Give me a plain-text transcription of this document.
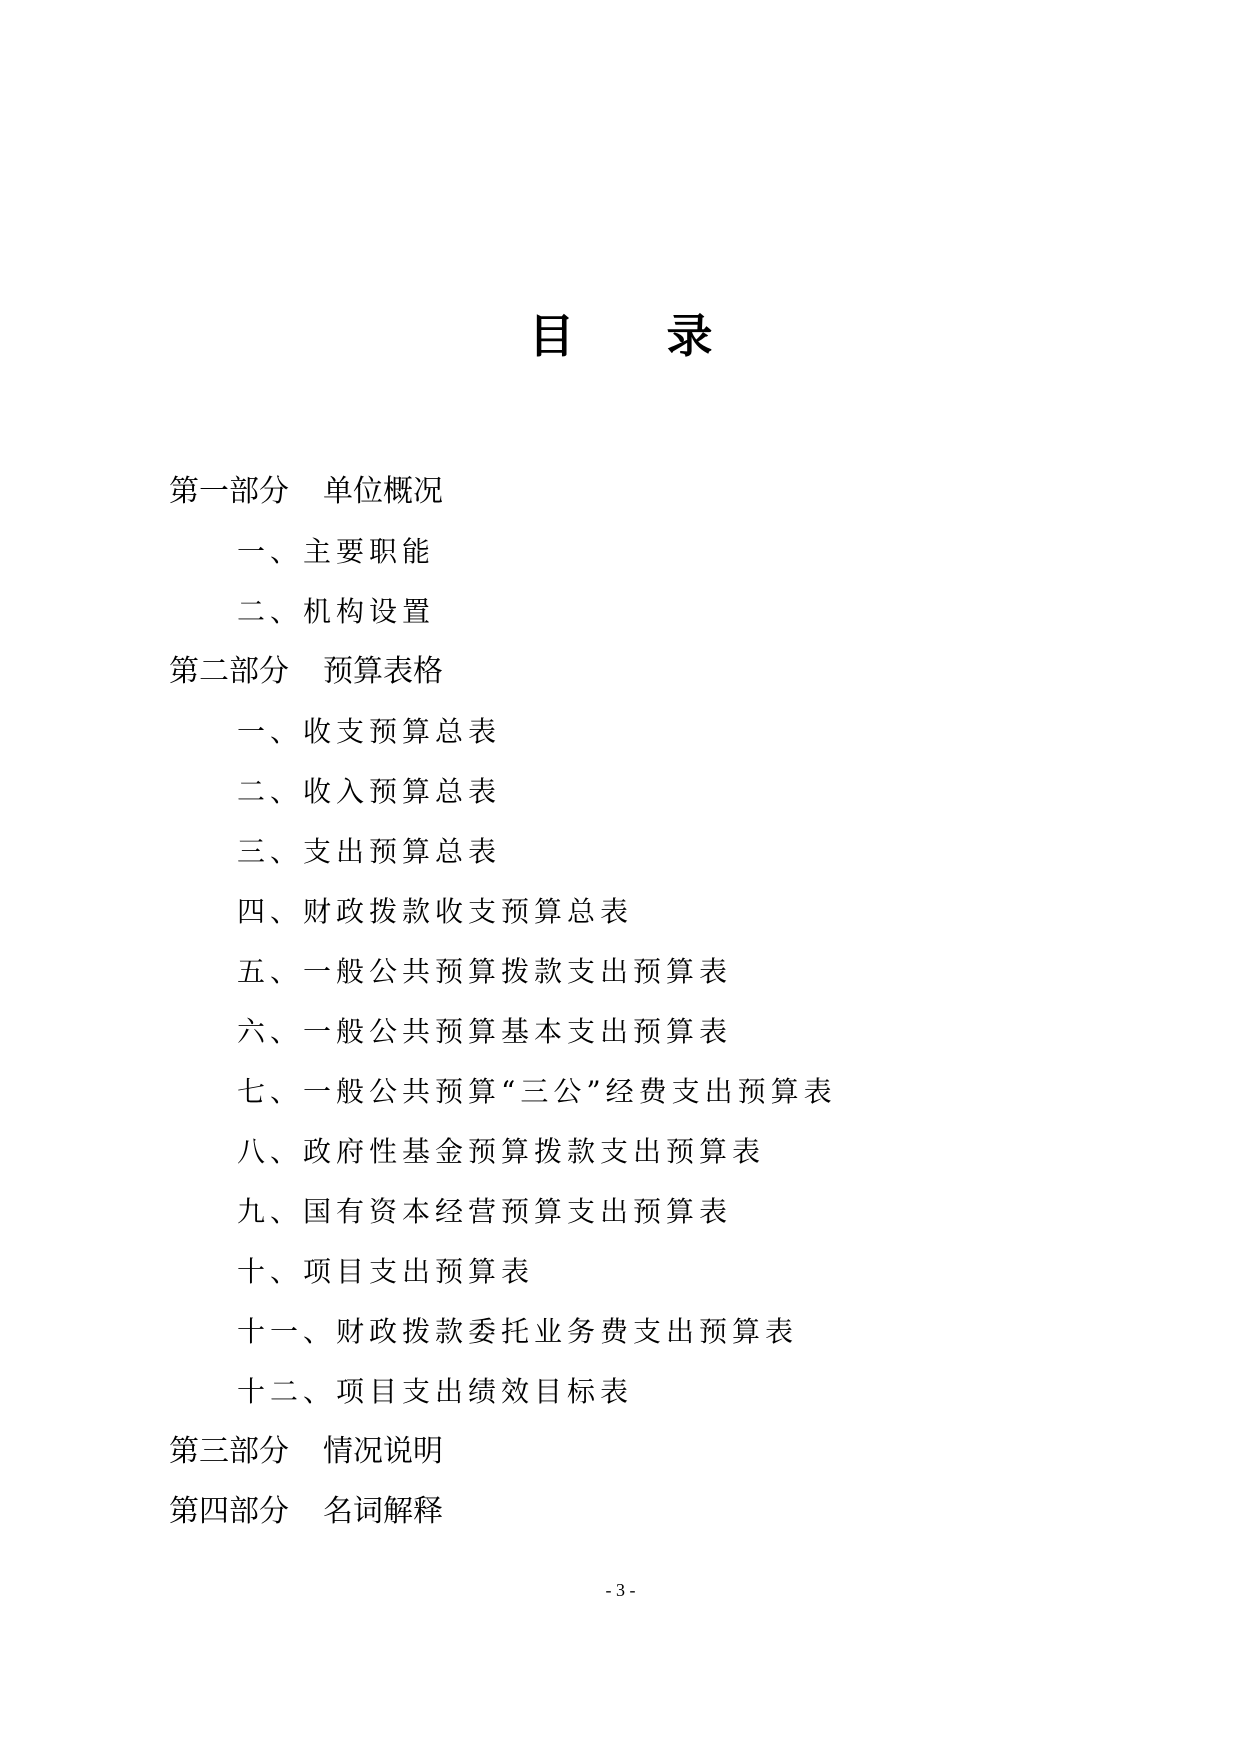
目 录
第一部分 单位概况
一、主要职能
二、机构设置
第二部分 预算表格
一、收支预算总表
二、收入预算总表
三、支出预算总表
四、财政拨款收支预算总表
五、一般公共预算拨款支出预算表
六、一般公共预算基本支出预算表
七、一般公共预算“三公”经费支出预算表
八、政府性基金预算拨款支出预算表
九、国有资本经营预算支出预算表
十、项目支出预算表
十一、财政拨款委托业务费支出预算表
十二、项目支出绩效目标表
第三部分 情况说明
第四部分 名词解释
- 3 -
